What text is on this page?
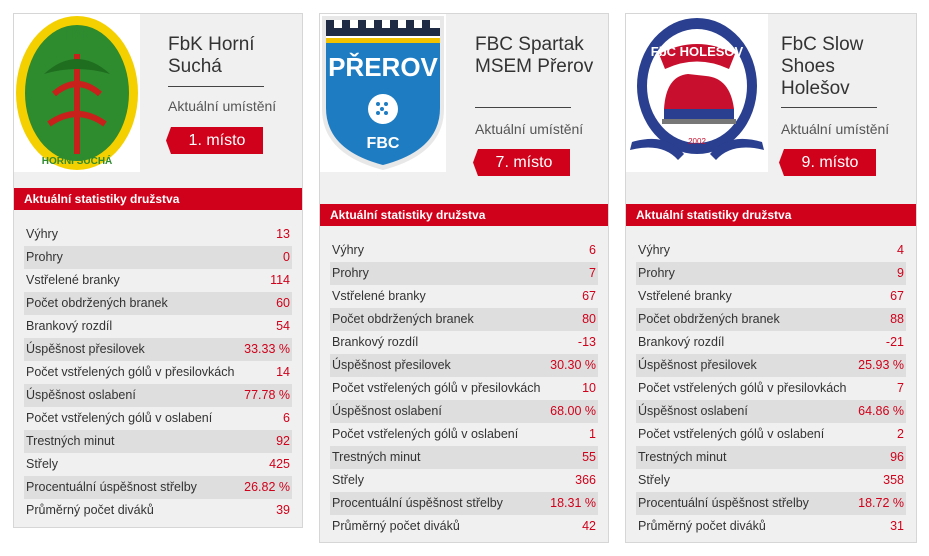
FbK
HORNÍ SUCHÁ
FbK Horní Suchá
Aktuální umístění
1. místo
Aktuální statistiky družstva
Výhry	13
Prohry	0
Vstřelené branky	114
Počet obdržených branek	60
Brankový rozdíl	54
Úspěšnost přesilovek	33.33 %
Počet vstřelených gólů v přesilovkách	14
Úspěšnost oslabení	77.78 %
Počet vstřelených gólů v oslabení	6
Trestných minut	92
Střely	425
Procentuální úspěšnost střelby	26.82 %
Průměrný počet diváků	39
PŘEROV
FBC
FBC Spartak MSEM Přerov
Aktuální umístění
7. místo
Aktuální statistiky družstva
Výhry	6
Prohry	7
Vstřelené branky	67
Počet obdržených branek	80
Brankový rozdíl	-13
Úspěšnost přesilovek	30.30 %
Počet vstřelených gólů v přesilovkách	10
Úspěšnost oslabení	68.00 %
Počet vstřelených gólů v oslabení	1
Trestných minut	55
Střely	366
Procentuální úspěšnost střelby	18.31 %
Průměrný počet diváků	42
FbC HOLEŠOV
2002
FbC Slow Shoes Holešov
Aktuální umístění
9. místo
Aktuální statistiky družstva
Výhry	4
Prohry	9
Vstřelené branky	67
Počet obdržených branek	88
Brankový rozdíl	-21
Úspěšnost přesilovek	25.93 %
Počet vstřelených gólů v přesilovkách	7
Úspěšnost oslabení	64.86 %
Počet vstřelených gólů v oslabení	2
Trestných minut	96
Střely	358
Procentuální úspěšnost střelby	18.72 %
Průměrný počet diváků	31
